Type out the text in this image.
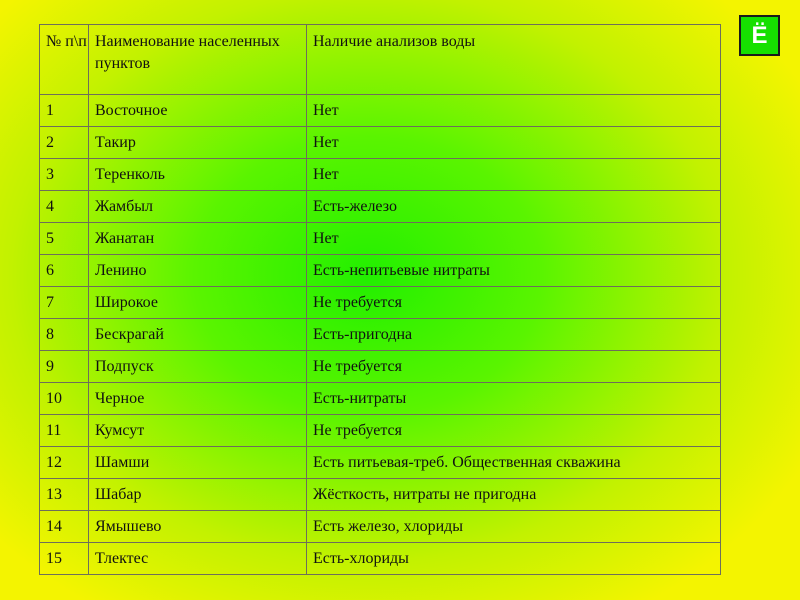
№ п\п	Наименование населенных пунктов	Наличие анализов воды
1	Восточное	Нет
2	Такир	Нет
3	Теренколь	Нет
4	Жамбыл	Есть-железо
5	Жанатан	Нет
6	Ленино	Есть-непитьевые нитраты
7	Широкое	Не требуется
8	Бескрагай	Есть-пригодна
9	Подпуск	Не требуется
10	Черное	Есть-нитраты
11	Кумсут	Не требуется
12	Шамши	Есть питьевая-треб. Общественная скважина
13	Шабар	Жёсткость, нитраты не пригодна
14	Ямышево	Есть железо, хлориды
15	Тлектес	Есть-хлориды
Ё
